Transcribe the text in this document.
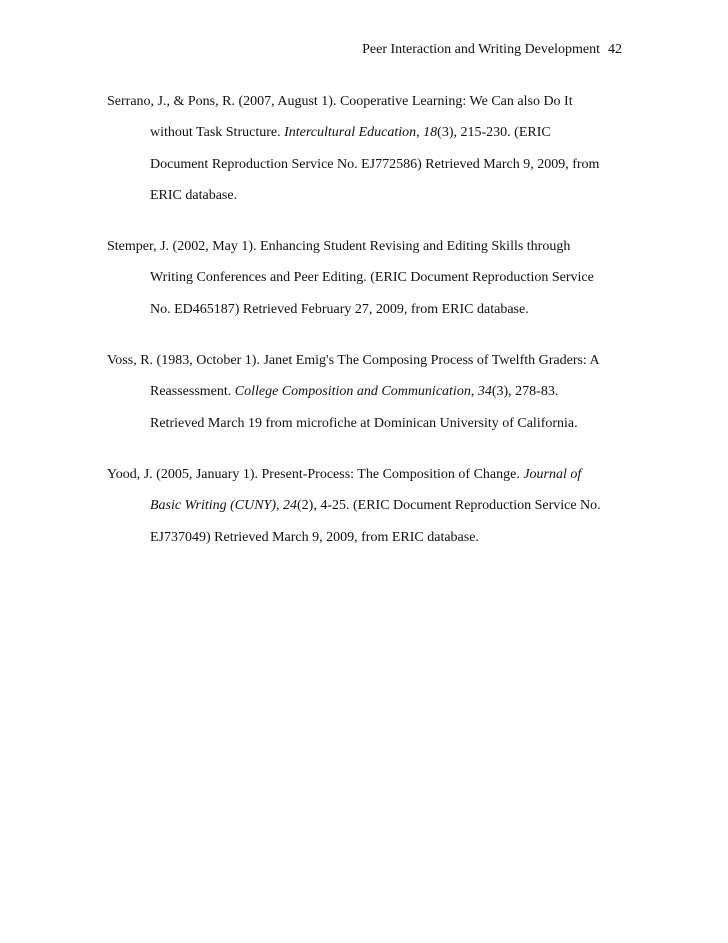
Peer Interaction and Writing Development 42
Serrano, J., & Pons, R. (2007, August 1). Cooperative Learning: We Can also Do It
without Task Structure. Intercultural Education, 18(3), 215-230. (ERIC
Document Reproduction Service No. EJ772586) Retrieved March 9, 2009, from
ERIC database.
Stemper, J. (2002, May 1). Enhancing Student Revising and Editing Skills through
Writing Conferences and Peer Editing. (ERIC Document Reproduction Service
No. ED465187) Retrieved February 27, 2009, from ERIC database.
Voss, R. (1983, October 1). Janet Emig's The Composing Process of Twelfth Graders: A
Reassessment. College Composition and Communication, 34(3), 278-83.
Retrieved March 19 from microfiche at Dominican University of California.
Yood, J. (2005, January 1). Present-Process: The Composition of Change. Journal of
Basic Writing (CUNY), 24(2), 4-25. (ERIC Document Reproduction Service No.
EJ737049) Retrieved March 9, 2009, from ERIC database.
